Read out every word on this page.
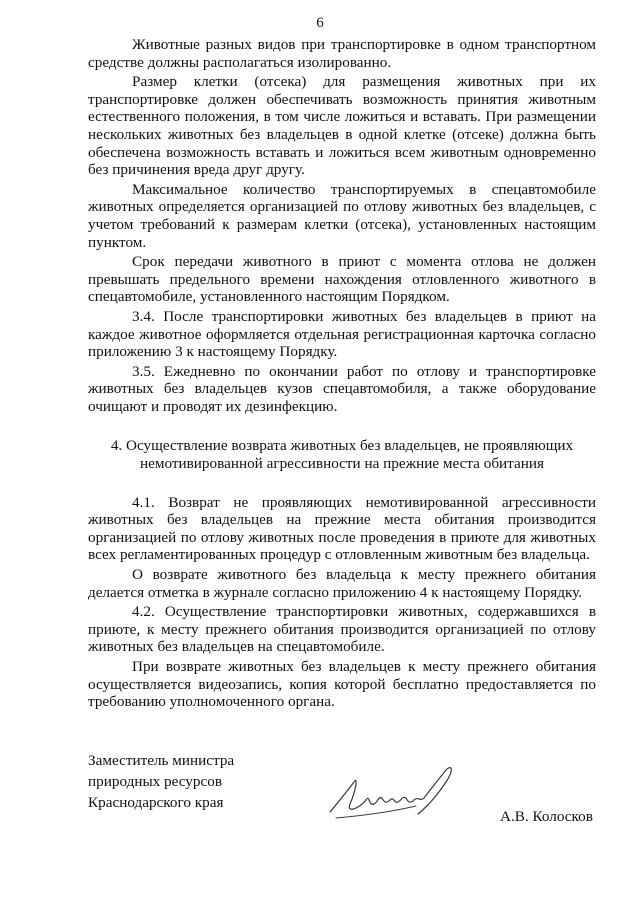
6

Животные разных видов при транспортировке в одном транспортном средстве должны располагаться изолированно.

Размер клетки (отсека) для размещения животных при их транспортировке должен обеспечивать возможность принятия животным естественного положения, в том числе ложиться и вставать. При размещении нескольких животных без владельцев в одной клетке (отсеке) должна быть обеспечена возможность вставать и ложиться всем животным одновременно без причинения вреда друг другу.

Максимальное количество транспортируемых в спецавтомобиле животных определяется организацией по отлову животных без владельцев, с учетом требований к размерам клетки (отсека), установленных настоящим пунктом.

Срок передачи животного в приют с момента отлова не должен превышать предельного времени нахождения отловленного животного в спецавтомобиле, установленного настоящим Порядком.

3.4. После транспортировки животных без владельцев в приют на каждое животное оформляется отдельная регистрационная карточка согласно приложению 3 к настоящему Порядку.

3.5. Ежедневно по окончании работ по отлову и транспортировке животных без владельцев кузов спецавтомобиля, а также оборудование очищают и проводят их дезинфекцию.

4. Осуществление возврата животных без владельцев, не проявляющих немотивированной агрессивности на прежние места обитания

4.1. Возврат не проявляющих немотивированной агрессивности животных без владельцев на прежние места обитания производится организацией по отлову животных после проведения в приюте для животных всех регламентированных процедур с отловленным животным без владельца.

О возврате животного без владельца к месту прежнего обитания делается отметка в журнале согласно приложению 4 к настоящему Порядку.

4.2. Осуществление транспортировки животных, содержавшихся в приюте, к месту прежнего обитания производится организацией по отлову животных без владельцев на спецавтомобиле.

При возврате животных без владельцев к месту прежнего обитания осуществляется видеозапись, копия которой бесплатно предоставляется по требованию уполномоченного органа.

Заместитель министра
природных ресурсов
Краснодарского края
А.В. Колосков
